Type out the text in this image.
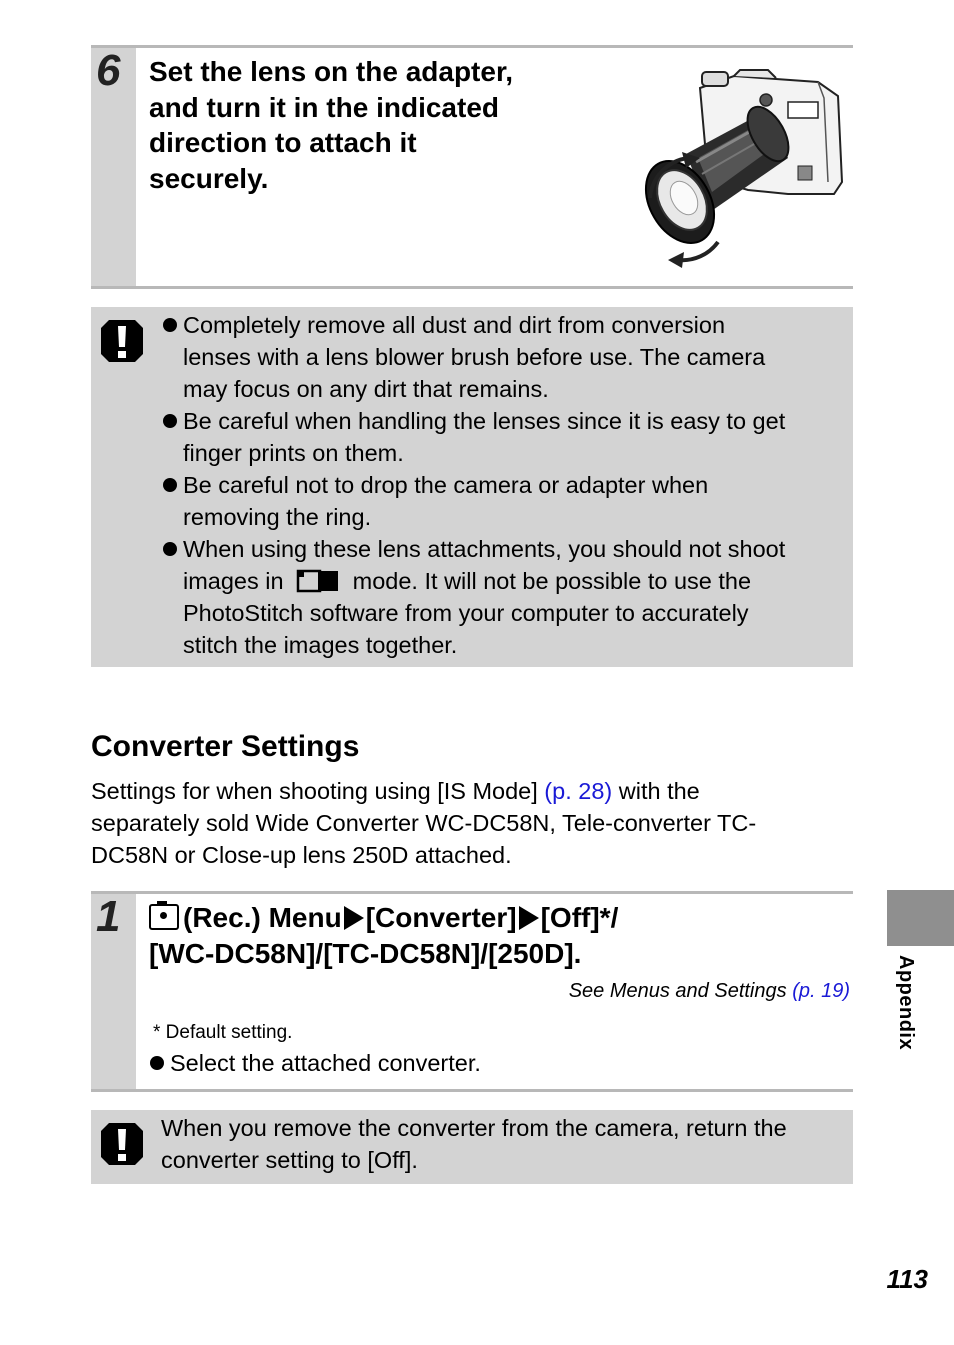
6 Set the lens on the adapter,
and turn it in the indicated
direction to attach it
securely.
Completely remove all dust and dirt from conversion
lenses with a lens blower brush before use. The camera
may focus on any dirt that remains.
Be careful when handling the lenses since it is easy to get
finger prints on them.
Be careful not to drop the camera or adapter when
removing the ring.
When using these lens attachments, you should not shoot
images in	mode. It will not be possible to use the
PhotoStitch software from your computer to accurately
stitch the images together.
Converter Settings
Settings for when shooting using [IS Mode] (p. 28) with the
separately sold Wide Converter WC-DC58N, Tele-converter TC-
DC58N or Close-up lens 250D attached.
1	(Rec.) Menu [Converter] [Off]*/
[WC-DC58N]/[TC-DC58N]/[250D].
See Menus and Settings (p. 19)
* Default setting.
Select the attached converter.
When you remove the converter from the camera, return the
converter setting to [Off].
Appendix
113
